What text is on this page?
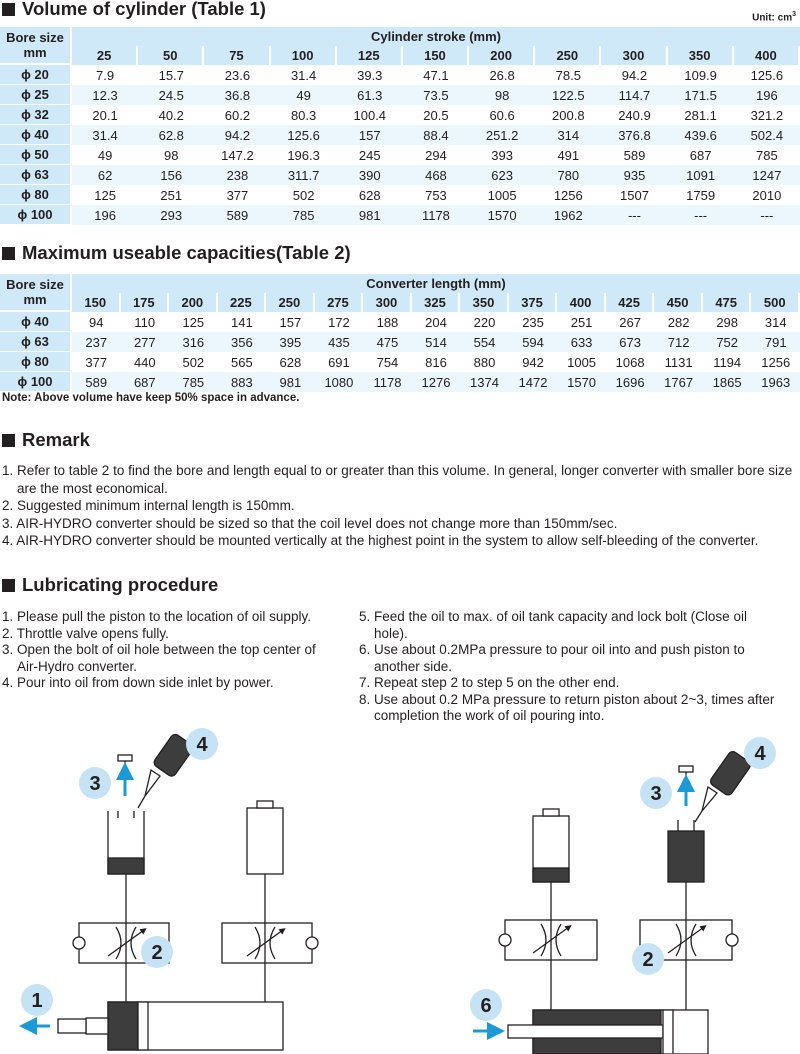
Volume of cylinder (Table 1)	Unit: $cm^3$
Bore size
mm	Cylinder stroke (mm)										
	25	50	75	100	125	150	200	250	300	350	400
ϕ 20	7.9	15.7	23.6	31.4	39.3	47.1	26.8	78.5	94.2	109.9	125.6
ϕ 25	12.3	24.5	36.8	49	61.3	73.5	98	122.5	114.7	171.5	196
ϕ 32	20.1	40.2	60.2	80.3	100.4	20.5	60.6	200.8	240.9	281.1	321.2
ϕ 40	31.4	62.8	94.2	125.6	157	88.4	251.2	314	376.8	439.6	502.4
ϕ 50	49	98	147.2	196.3	245	294	393	491	589	687	785
ϕ 63	62	156	238	311.7	390	468	623	780	935	1091	1247
ϕ 80	125	251	377	502	628	753	1005	1256	1507	1759	2010
ϕ 100	196	293	589	785	981	1178	1570	1962	---	---	---
Maximum useable capacities(Table 2)
Bore size
mm	Converter length (mm)														
	150	175	200	225	250	275	300	325	350	375	400	425	450	475	500
ϕ 40	94	110	125	141	157	172	188	204	220	235	251	267	282	298	314
ϕ 63	237	277	316	356	395	435	475	514	554	594	633	673	712	752	791
ϕ 80	377	440	502	565	628	691	754	816	880	942	1005	1068	1131	1194	1256
ϕ 100	589	687	785	883	981	1080	1178	1276	1374	1472	1570	1696	1767	1865	1963
Note: Above volume have keep 50% space in advance.
Remark
1. Refer to table 2 to find the bore and length equal to or greater than this volume. In general, longer converter with smaller bore size are the most economical.
2. Suggested minimum internal length is 150mm.
3. AIR-HYDRO converter should be sized so that the coil level does not change more than 150mm/sec.
4. AIR-HYDRO converter should be mounted vertically at the highest point in the system to allow self-bleeding of the converter.
Lubricating procedure
1. Please pull the piston to the location of oil supply.
2. Throttle valve opens fully.
3. Open the bolt of oil hole between the top center of Air-Hydro converter.
4. Pour into oil from down side inlet by power.
5. Feed the oil to max. of oil tank capacity and lock bolt (Close oil hole).
6. Use about 0.2MPa pressure to pour oil into and push piston to another side.
7. Repeat step 2 to step 5 on the other end.
8. Use about 0.2 MPa pressure to return piston about 2~3, times after completion the work of oil pouring into.
1
2
3
4
2
3
4
6
